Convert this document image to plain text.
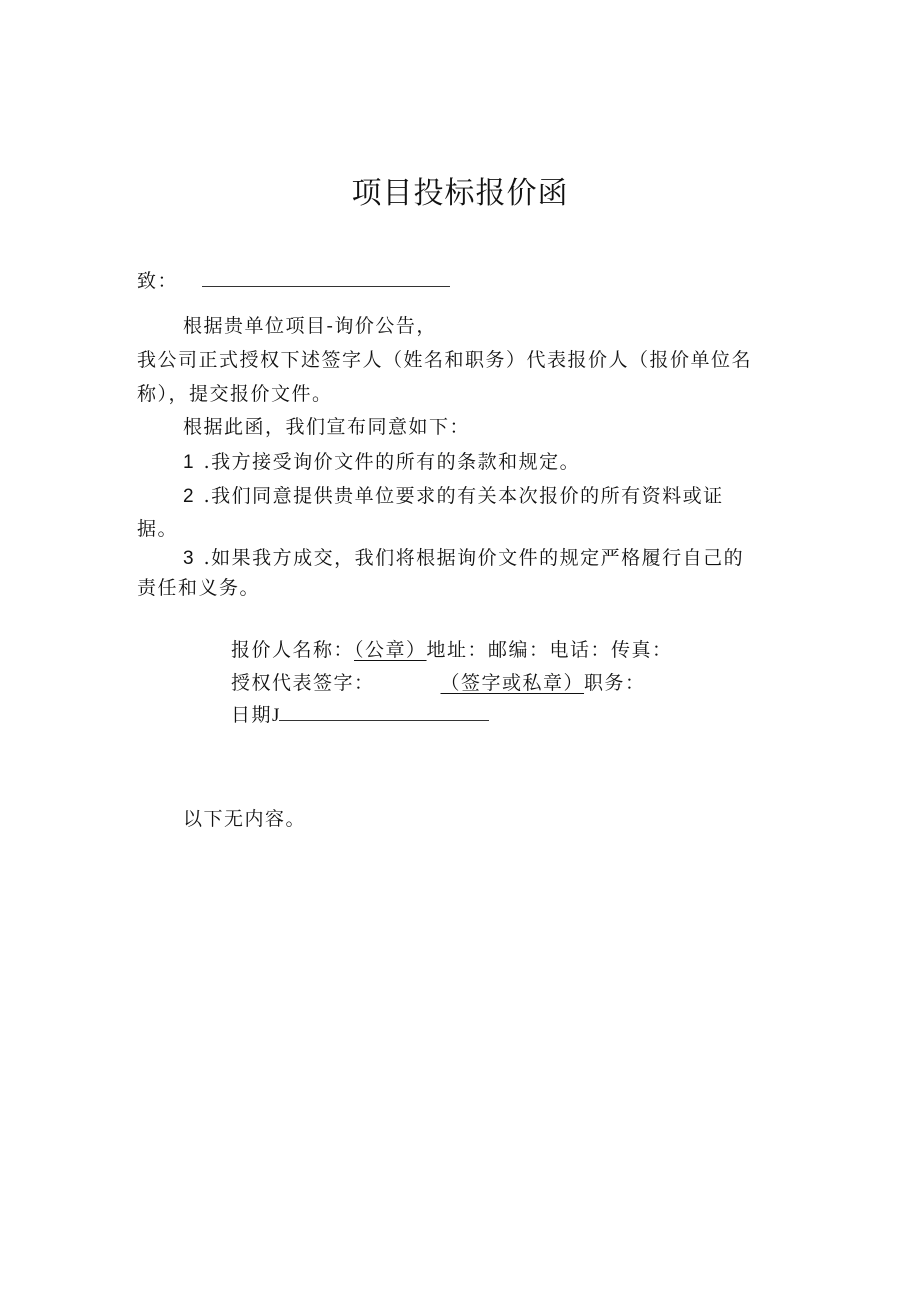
项目投标报价函
致：
根据贵单位项目-询价公告，
我公司正式授权下述签字人（姓名和职务）代表报价人（报价单位名
称），提交报价文件。
根据此函，我们宣布同意如下：
1 .我方接受询价文件的所有的条款和规定。
2 .我们同意提供贵单位要求的有关本次报价的所有资料或证
据。
3 .如果我方成交，我们将根据询价文件的规定严格履行自己的
责任和义务。
报价人名称：（公章）地址：邮编：电话：传真：
授权代表签字：	（签字或私章）职务：
日期J
以下无内容。
